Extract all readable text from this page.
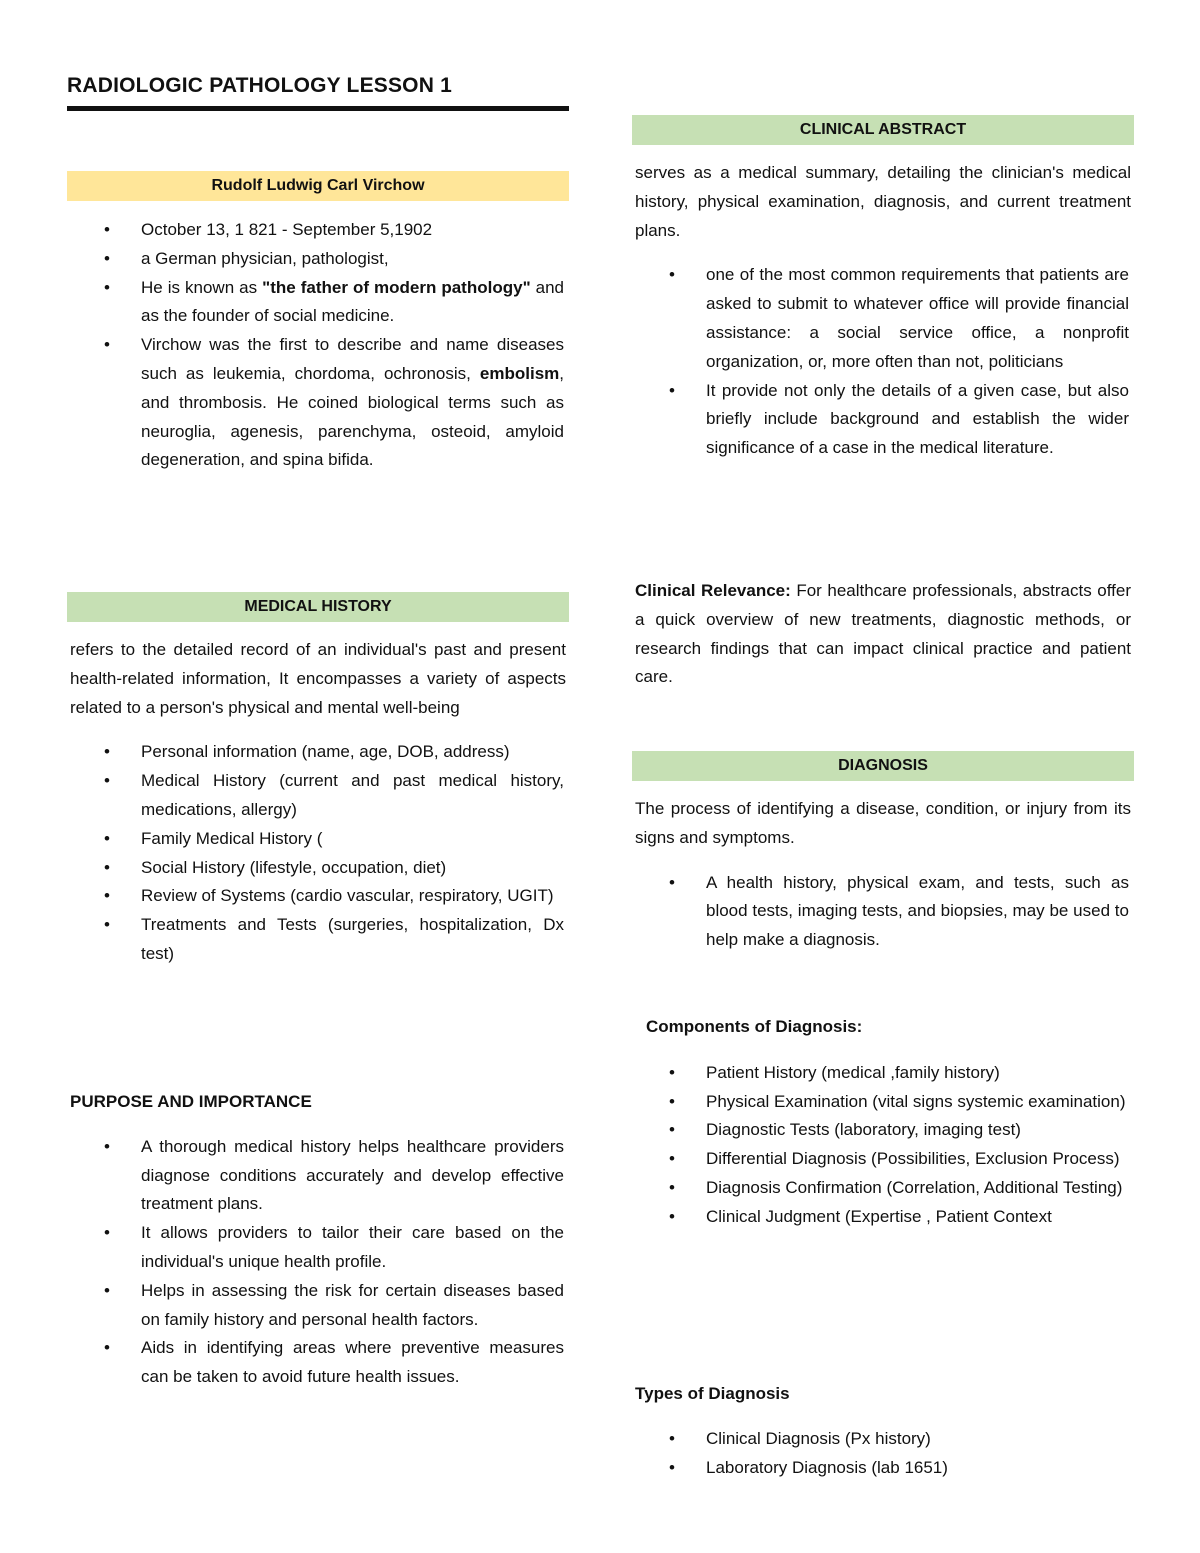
RADIOLOGIC PATHOLOGY LESSON 1
Rudolf Ludwig Carl Virchow
• October 13, 1 821 - September 5,1902
• a German physician, pathologist,
• He is known as "the father of modern pathology" and as the founder of social medicine.
• Virchow was the first to describe and name diseases such as leukemia, chordoma, ochronosis, embolism, and thrombosis. He coined biological terms such as neuroglia, agenesis, parenchyma, osteoid, amyloid degeneration, and spina bifida.
MEDICAL HISTORY
refers to the detailed record of an individual's past and present health-related information, It encompasses a variety of aspects related to a person's physical and mental well-being
• Personal information (name, age, DOB, address)
• Medical History (current and past medical history, medications, allergy)
• Family Medical History (
• Social History (lifestyle, occupation, diet)
• Review of Systems (cardio vascular, respiratory, UGIT)
• Treatments and Tests (surgeries, hospitalization, Dx test)
PURPOSE AND IMPORTANCE
• A thorough medical history helps healthcare providers diagnose conditions accurately and develop effective treatment plans.
• It allows providers to tailor their care based on the individual's unique health profile.
• Helps in assessing the risk for certain diseases based on family history and personal health factors.
• Aids in identifying areas where preventive measures can be taken to avoid future health issues.
CLINICAL ABSTRACT
serves as a medical summary, detailing the clinician's medical history, physical examination, diagnosis, and current treatment plans.
• one of the most common requirements that patients are asked to submit to whatever office will provide financial assistance: a social service office, a nonprofit organization, or, more often than not, politicians
• It provide not only the details of a given case, but also briefly include background and establish the wider significance of a case in the medical literature.
Clinical Relevance: For healthcare professionals, abstracts offer a quick overview of new treatments, diagnostic methods, or research findings that can impact clinical practice and patient care.
DIAGNOSIS
The process of identifying a disease, condition, or injury from its signs and symptoms.
• A health history, physical exam, and tests, such as blood tests, imaging tests, and biopsies, may be used to help make a diagnosis.
Components of Diagnosis:
• Patient History (medical ,family history)
• Physical Examination (vital signs systemic examination)
• Diagnostic Tests (laboratory, imaging test)
• Differential Diagnosis (Possibilities, Exclusion Process)
• Diagnosis Confirmation (Correlation, Additional Testing)
• Clinical Judgment (Expertise , Patient Context
Types of Diagnosis
• Clinical Diagnosis (Px history)
• Laboratory Diagnosis (lab 1651)
